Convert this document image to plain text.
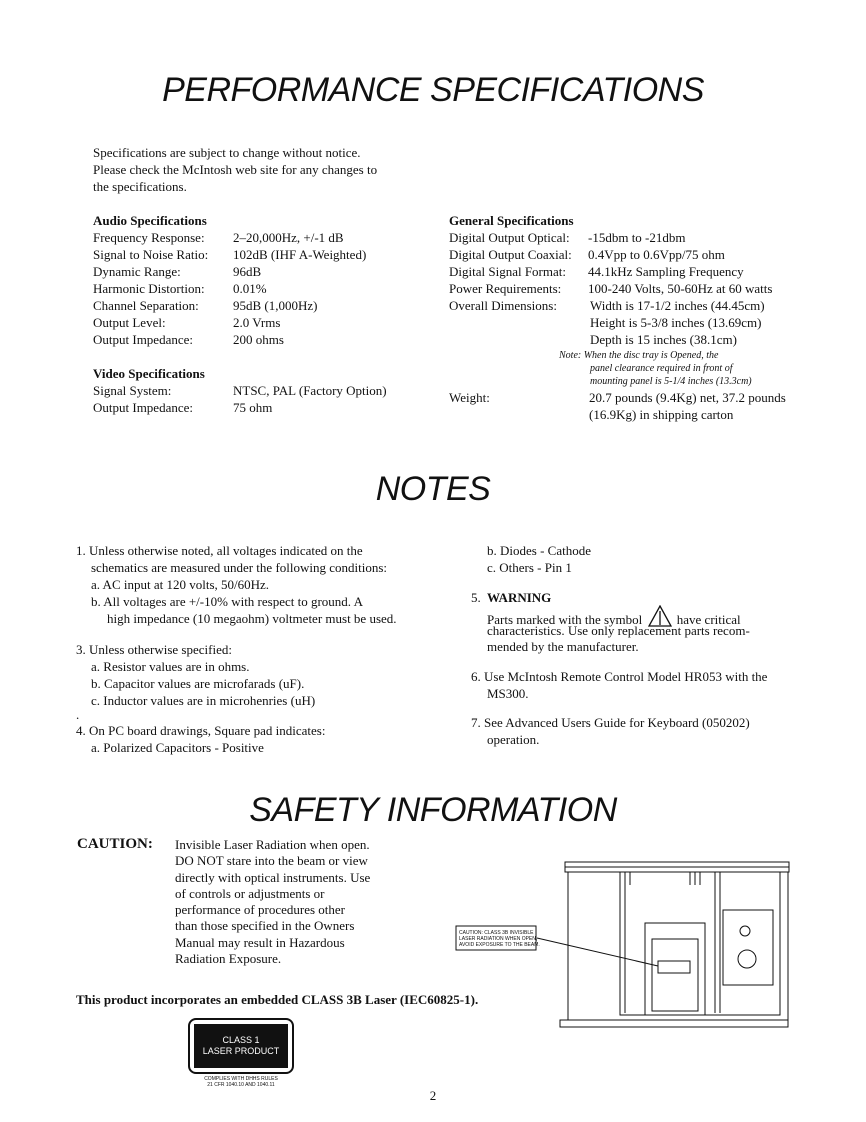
PERFORMANCE SPECIFICATIONS
Specifications are subject to change without notice.
Please check the McIntosh web site for any changes to
the specifications.
Audio Specifications
Frequency Response: 2–20,000Hz, +/-1 dB
Signal to Noise Ratio: 102dB (IHF A-Weighted)
Dynamic Range:	96dB
Harmonic Distortion: 0.01%
Channel Separation:	95dB (1,000Hz)
Output Level:	2.0 Vrms
Output Impedance:	200 ohms
Video Specifications
Signal System:	NTSC, PAL (Factory Option)
Output Impedance:	75 ohm
General Specifications
Digital Output Optical: -15dbm to -21dbm
Digital Output Coaxial: 0.4Vpp to 0.6Vpp/75 ohm
Digital Signal Format: 44.1kHz Sampling Frequency
Power Requirements: 100-240 Volts, 50-60Hz at 60 watts
Overall Dimensions:	Width is 17-1/2 inches (44.45cm)
Height is 5-3/8 inches (13.69cm)
Depth is 15 inches (38.1cm)
Note: When the disc tray is Opened, the
panel clearance required in front of
mounting panel is 5-1/4 inches (13.3cm)
Weight:	20.7 pounds (9.4Kg) net, 37.2 pounds
(16.9Kg) in shipping carton
NOTES
1. Unless otherwise noted, all voltages indicated on the
schematics are measured under the following conditions:
a. AC input at 120 volts, 50/60Hz.
b. All voltages are +/-10% with respect to ground. A
high impedance (10 megaohm) voltmeter must be used.
3. Unless otherwise specified:
a. Resistor values are in ohms.
b. Capacitor values are microfarads (uF).
c. Inductor values are in microhenries (uH)
.
4. On PC board drawings, Square pad indicates:
a. Polarized Capacitors - Positive
b. Diodes - Cathode
c. Others - Pin 1
5. WARNING
Parts marked with the symbol	have critical
characteristics. Use only replacement parts recom-
mended by the manufacturer.
6. Use McIntosh Remote Control Model HR053 with the
MS300.
7. See Advanced Users Guide for Keyboard (050202)
operation.
SAFETY INFORMATION
CAUTION: Invisible Laser Radiation when open.
DO NOT stare into the beam or view
directly with optical instruments. Use
of controls or adjustments or
performance of procedures other
than those specified in the Owners
Manual may result in Hazardous
Radiation Exposure.
This product incorporates an embedded CLASS 3B Laser (IEC60825-1).
CLASS 1
LASER PRODUCT
COMPLIES WITH DHHS RULES
21 CFR 1040.10 AND 1040.11
CAUTION: CLASS 3B INVISIBLE
LASER RADIATION WHEN OPEN,
AVOID EXPOSURE TO THE BEAM.
2
